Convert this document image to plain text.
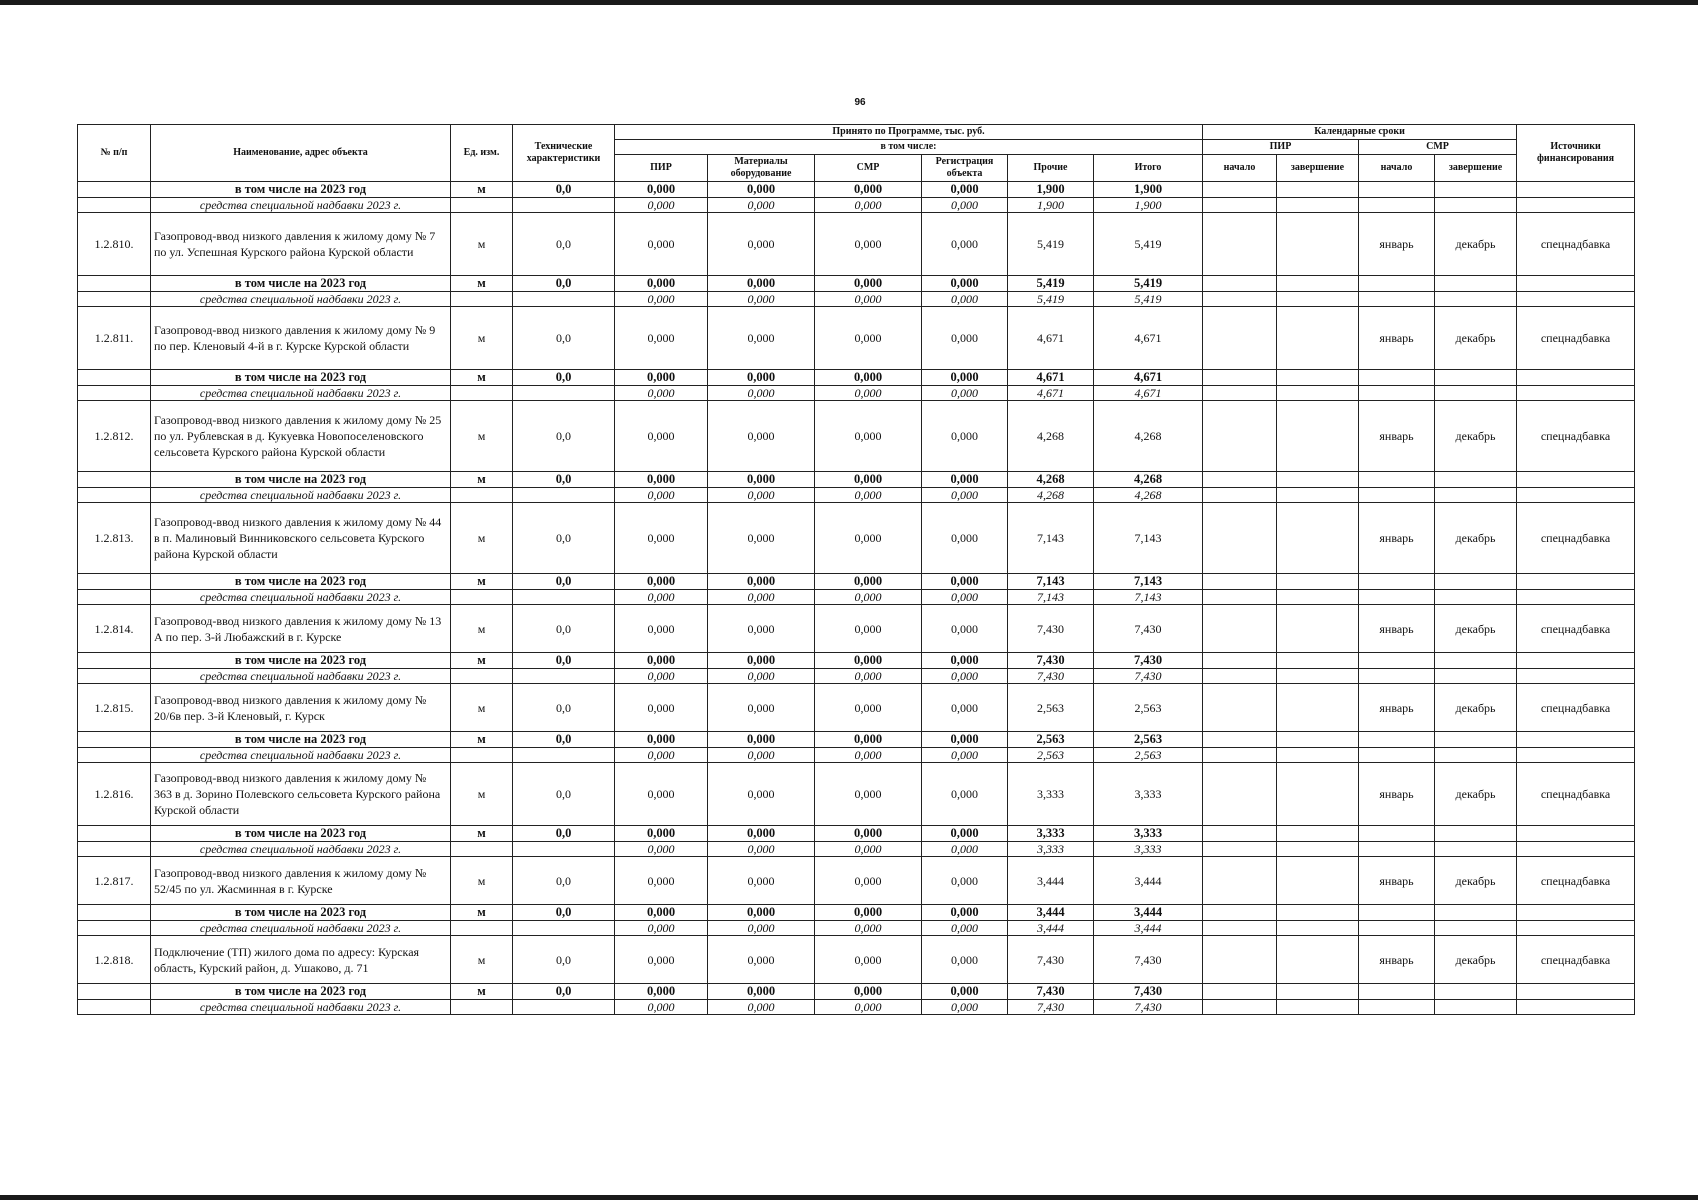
96
№ п/п	Наименование, адрес объекта	Ед. изм.	Технические характеристики	Принято по Программе, тыс. руб.						Календарные сроки				Источники финансирования
				в том числе:						ПИР		СМР		
				ПИР	Материалы оборудование	СМР	Регистрация объекта	Прочие	Итого	начало	завершение	начало	завершение	
	в том числе на 2023 год	м	0,0	0,000	0,000	0,000	0,000	1,900	1,900					
	средства специальной надбавки 2023 г.			0,000	0,000	0,000	0,000	1,900	1,900					
1.2.810.	Газопровод-ввод низкого давления к жилому дому № 7 по ул. Успешная Курского района Курской области	м	0,0	0,000	0,000	0,000	0,000	5,419	5,419			январь	декабрь	спецнадбавка
	в том числе на 2023 год	м	0,0	0,000	0,000	0,000	0,000	5,419	5,419					
	средства специальной надбавки 2023 г.			0,000	0,000	0,000	0,000	5,419	5,419					
1.2.811.	Газопровод-ввод низкого давления к жилому дому № 9 по пер. Кленовый 4-й в г. Курске Курской области	м	0,0	0,000	0,000	0,000	0,000	4,671	4,671			январь	декабрь	спецнадбавка
	в том числе на 2023 год	м	0,0	0,000	0,000	0,000	0,000	4,671	4,671					
	средства специальной надбавки 2023 г.			0,000	0,000	0,000	0,000	4,671	4,671					
1.2.812.	Газопровод-ввод низкого давления к жилому дому № 25 по ул. Рублевская в д. Кукуевка Новопоселеновского сельсовета Курского района Курской области	м	0,0	0,000	0,000	0,000	0,000	4,268	4,268			январь	декабрь	спецнадбавка
	в том числе на 2023 год	м	0,0	0,000	0,000	0,000	0,000	4,268	4,268					
	средства специальной надбавки 2023 г.			0,000	0,000	0,000	0,000	4,268	4,268					
1.2.813.	Газопровод-ввод низкого давления к жилому дому № 44 в п. Малиновый Винниковского сельсовета Курского района Курской области	м	0,0	0,000	0,000	0,000	0,000	7,143	7,143			январь	декабрь	спецнадбавка
	в том числе на 2023 год	м	0,0	0,000	0,000	0,000	0,000	7,143	7,143					
	средства специальной надбавки 2023 г.			0,000	0,000	0,000	0,000	7,143	7,143					
1.2.814.	Газопровод-ввод низкого давления к жилому дому № 13 А по пер. 3-й Любажский в г. Курске	м	0,0	0,000	0,000	0,000	0,000	7,430	7,430			январь	декабрь	спецнадбавка
	в том числе на 2023 год	м	0,0	0,000	0,000	0,000	0,000	7,430	7,430					
	средства специальной надбавки 2023 г.			0,000	0,000	0,000	0,000	7,430	7,430					
1.2.815.	Газопровод-ввод низкого давления к жилому дому № 20/6в пер. 3-й Кленовый, г. Курск	м	0,0	0,000	0,000	0,000	0,000	2,563	2,563			январь	декабрь	спецнадбавка
	в том числе на 2023 год	м	0,0	0,000	0,000	0,000	0,000	2,563	2,563					
	средства специальной надбавки 2023 г.			0,000	0,000	0,000	0,000	2,563	2,563					
1.2.816.	Газопровод-ввод низкого давления к жилому дому № 363 в д. Зорино Полевского сельсовета Курского района Курской области	м	0,0	0,000	0,000	0,000	0,000	3,333	3,333			январь	декабрь	спецнадбавка
	в том числе на 2023 год	м	0,0	0,000	0,000	0,000	0,000	3,333	3,333					
	средства специальной надбавки 2023 г.			0,000	0,000	0,000	0,000	3,333	3,333					
1.2.817.	Газопровод-ввод низкого давления к жилому дому № 52/45 по ул. Жасминная в г. Курске	м	0,0	0,000	0,000	0,000	0,000	3,444	3,444			январь	декабрь	спецнадбавка
	в том числе на 2023 год	м	0,0	0,000	0,000	0,000	0,000	3,444	3,444					
	средства специальной надбавки 2023 г.			0,000	0,000	0,000	0,000	3,444	3,444					
1.2.818.	Подключение (ТП) жилого дома по адресу: Курская область, Курский район, д. Ушаково, д. 71	м	0,0	0,000	0,000	0,000	0,000	7,430	7,430			январь	декабрь	спецнадбавка
	в том числе на 2023 год	м	0,0	0,000	0,000	0,000	0,000	7,430	7,430					
	средства специальной надбавки 2023 г.			0,000	0,000	0,000	0,000	7,430	7,430					
